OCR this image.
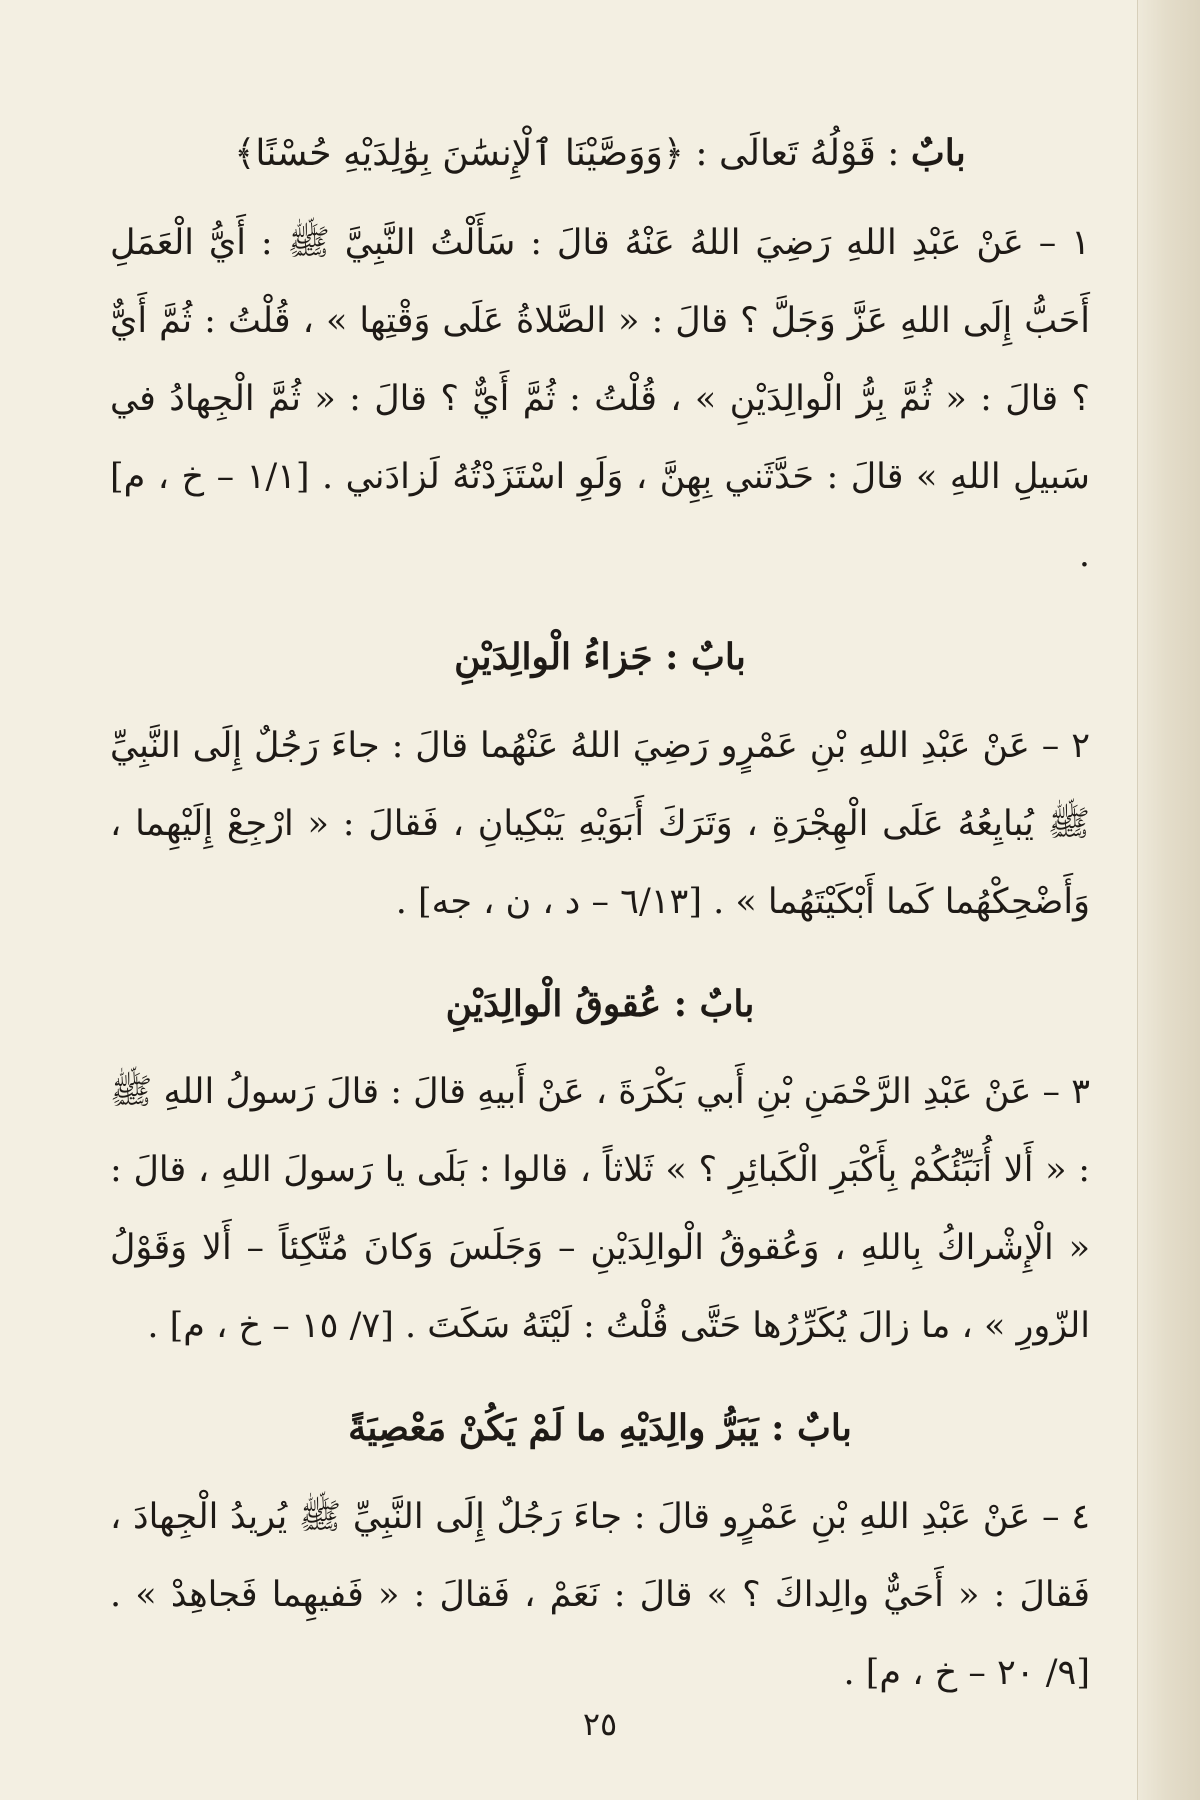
بابٌ : قَوْلُهُ تَعالَى : ﴿وَوَصَّيْنَا ٱلْإِنسَٰنَ بِوَٰلِدَيْهِ حُسْنًا﴾

١ – عَنْ عَبْدِ اللهِ رَضِيَ اللهُ عَنْهُ قالَ : سَأَلْتُ النَّبِيَّ ﷺ : أَيُّ الْعَمَلِ أَحَبُّ إِلَى اللهِ عَزَّ وَجَلَّ ؟ قالَ : « الصَّلاةُ عَلَى وَقْتِها » ، قُلْتُ : ثُمَّ أَيٌّ ؟ قالَ : « ثُمَّ بِرُّ الْوالِدَيْنِ » ، قُلْتُ : ثُمَّ أَيٌّ ؟ قالَ : « ثُمَّ الْجِهادُ في سَبيلِ اللهِ » قالَ : حَدَّثَني بِهِنَّ ، وَلَوِ اسْتَزَدْتُهُ لَزادَني . [١/١ – خ ، م] .

بابٌ : جَزاءُ الْوالِدَيْنِ

٢ – عَنْ عَبْدِ اللهِ بْنِ عَمْرٍو رَضِيَ اللهُ عَنْهُما قالَ : جاءَ رَجُلٌ إِلَى النَّبِيِّ ﷺ يُبايِعُهُ عَلَى الْهِجْرَةِ ، وَتَرَكَ أَبَوَيْهِ يَبْكِيانِ ، فَقالَ : « ارْجِعْ إِلَيْهِما ، وَأَضْحِكْهُما كَما أَبْكَيْتَهُما » . [٦/١٣ – د ، ن ، جه] .

بابٌ : عُقوقُ الْوالِدَيْنِ

٣ – عَنْ عَبْدِ الرَّحْمَنِ بْنِ أَبي بَكْرَةَ ، عَنْ أَبيهِ قالَ : قالَ رَسولُ اللهِ ﷺ : « أَلا أُنَبِّئُكُمْ بِأَكْبَرِ الْكَبائِرِ ؟ » ثَلاثاً ، قالوا : بَلَى يا رَسولَ اللهِ ، قالَ : « الْإِشْراكُ بِاللهِ ، وَعُقوقُ الْوالِدَيْنِ – وَجَلَسَ وَكانَ مُتَّكِئاً – أَلا وَقَوْلُ الزّورِ » ، ما زالَ يُكَرِّرُها حَتَّى قُلْتُ : لَيْتَهُ سَكَتَ . [٧/ ١٥ – خ ، م] .

بابٌ : يَبَرُّ والِدَيْهِ ما لَمْ يَكُنْ مَعْصِيَةً

٤ – عَنْ عَبْدِ اللهِ بْنِ عَمْرٍو قالَ : جاءَ رَجُلٌ إِلَى النَّبِيِّ ﷺ يُريدُ الْجِهادَ ، فَقالَ : « أَحَيٌّ والِداكَ ؟ » قالَ : نَعَمْ ، فَقالَ : « فَفيهِما فَجاهِدْ » . [٩/ ٢٠ – خ ، م] .

٢٥
